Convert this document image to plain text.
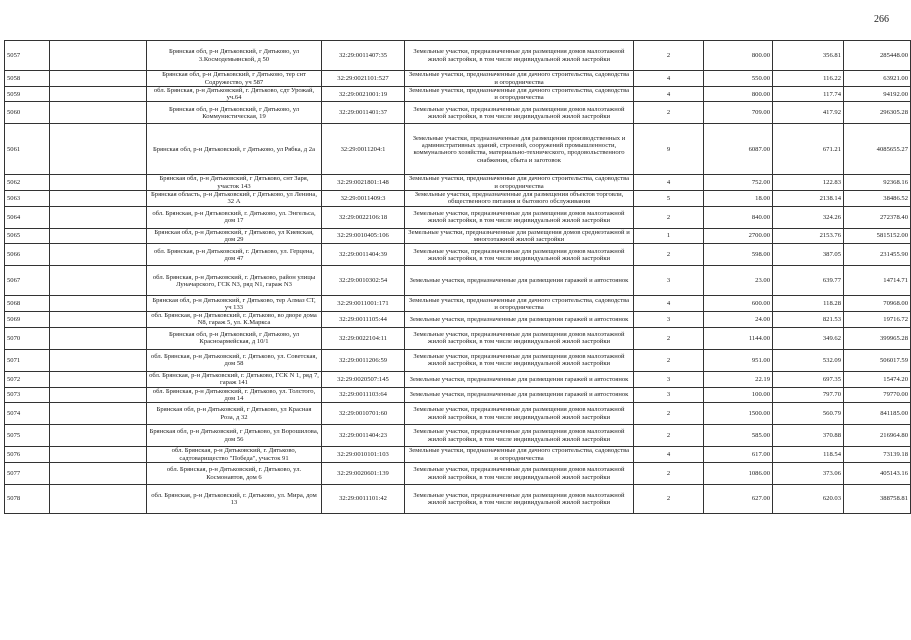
266
5057		Брянская обл, р-н Дятьковский, г Дятьково, ул 3.Космодемьянской, д 50	32:29:0011407:35	Земельные участки, предназначенные для размещения домов малоэтажной жилой застройки, в том числе индивидуальной жилой застройки	2	800.00	356.81	285448.00
5058		Брянская обл, р-н Дятьковский, г Дятьково, тер снт Содружество, уч 587	32:29:0021101:527	Земельные участки, предназначенные для дачного строительства, садоводства и огородничества	4	550.00	116.22	63921.00
5059		обл. Брянская, р-н Дятьковский, г. Дятьково, сдт Урожай, уч.64	32:29:0021001:19	Земельные участки, предназначенные для дачного строительства, садоводства и огородничества	4	800.00	117.74	94192.00
5060		Брянская обл, р-н Дятьковский, г Дятьково, ул Коммунистическая, 19	32:29:0011401:37	Земельные участки, предназначенные для размещения домов малоэтажной жилой застройки, в том числе индивидуальной жилой застройки	2	709.00	417.92	296305.28
5061		Брянская обл, р-н Дятьковский, г Дятьково, ул Рябка, д 2а	32:29:0011204:1	Земельные участки, предназначенные для размещения производственных и административных зданий, строений, сооружений промышленности, коммунального хозяйства, материально-технического, продовольственного снабжения, сбыта и заготовок	9	6087.00	671.21	4085655.27
5062		Брянская обл, р-н Дятьковский, г Дятьково, снт Заря, участок 143	32:29:0021801:148	Земельные участки, предназначенные для дачного строительства, садоводства и огородничества	4	752.00	122.83	92368.16
5063		Брянская область, р-н Дятьковский, г Дятьково, ул Ленина, 32 А	32:29:0011409:3	Земельные участки, предназначенные для размещения объектов торговли, общественного питания и бытового обслуживания	5	18.00	2138.14	38486.52
5064		обл. Брянская, р-н Дятьковский, г. Дятьково, ул. Энгельса, дом 17	32:29:0022106:18	Земельные участки, предназначенные для размещения домов малоэтажной жилой застройки, в том числе индивидуальной жилой застройки	2	840.00	324.26	272378.40
5065		Брянская обл, р-н Дятьковский, г Дятьково, ул Киевская, дом 29	32:29:0010405:106	Земельные участки, предназначенные для размещения домов среднеэтажной и многоэтажной жилой застройки	1	2700.00	2153.76	5815152.00
5066		обл. Брянская, р-н Дятьковский, г. Дятьково, ул. Герцена, дом 47	32:29:0011404:39	Земельные участки, предназначенные для размещения домов малоэтажной жилой застройки, в том числе индивидуальной жилой застройки	2	598.00	387.05	231455.90
5067		обл. Брянская, р-н Дятьковский, г. Дятьково, район улицы Луначарского, ГСК N3, ряд N1, гараж N3	32:29:0010302:54	Земельные участки, предназначенные для размещения гаражей и автостоянок	3	23.00	639.77	14714.71
5068		Брянская обл, р-н Дятьковский, г Дятьково, тер Алмаз СТ, уч 133	32:29:0011001:171	Земельные участки, предназначенные для дачного строительства, садоводства и огородничества	4	600.00	118.28	70968.00
5069		обл. Брянская, р-н Дятьковский, г. Дятьково, во дворе дома N8, гараж 5, ул. К.Маркса	32:29:0011105:44	Земельные участки, предназначенные для размещения гаражей и автостоянок	3	24.00	821.53	19716.72
5070		Брянская обл, р-н Дятьковский, г Дятьково, ул Красноармейская, д 10/1	32:29:0022104:11	Земельные участки, предназначенные для размещения домов малоэтажной жилой застройки, в том числе индивидуальной жилой застройки	2	1144.00	349.62	399965.28
5071		обл. Брянская, р-н Дятьковский, г. Дятьково, ул. Советская, дом 58	32:29:0011206:59	Земельные участки, предназначенные для размещения домов малоэтажной жилой застройки, в том числе индивидуальной жилой застройки	2	951.00	532.09	506017.59
5072		обл. Брянская, р-н Дятьковский, г. Дятьково, ГСК N 1, ряд 7, гараж 141	32:29:0020507:145	Земельные участки, предназначенные для размещения гаражей и автостоянок	3	22.19	697.35	15474.20
5073		обл. Брянская, р-н Дятьковский, г. Дятьково, ул. Толстого, дом 14	32:29:0011103:64	Земельные участки, предназначенные для размещения гаражей и автостоянок	3	100.00	797.70	79770.00
5074		Брянская обл, р-н Дятьковский, г Дятьково, ул Красная Роза, д 32	32:29:0010701:60	Земельные участки, предназначенные для размещения домов малоэтажной жилой застройки, в том числе индивидуальной жилой застройки	2	1500.00	560.79	841185.00
5075		Брянская обл, р-н Дятьковский, г Дятьково, ул Ворошилова, дом 56	32:29:0011404:23	Земельные участки, предназначенные для размещения домов малоэтажной жилой застройки, в том числе индивидуальной жилой застройки	2	585.00	370.88	216964.80
5076		обл. Брянская, р-н Дятьковский, г. Дятьково, садтоварищество "Победа", участок 91	32:29:0010101:103	Земельные участки, предназначенные для дачного строительства, садоводства и огородничества	4	617.00	118.54	73139.18
5077		обл. Брянская, р-н Дятьковский, г. Дятьково, ул. Космонавтов, дом 6	32:29:0020601:139	Земельные участки, предназначенные для размещения домов малоэтажной жилой застройки, в том числе индивидуальной жилой застройки	2	1086.00	373.06	405143.16
5078		обл. Брянская, р-н Дятьковский, г. Дятьково, ул. Мира, дом 13	32:29:0011101:42	Земельные участки, предназначенные для размещения домов малоэтажной жилой застройки, в том числе индивидуальной жилой застройки	2	627.00	620.03	388758.81
